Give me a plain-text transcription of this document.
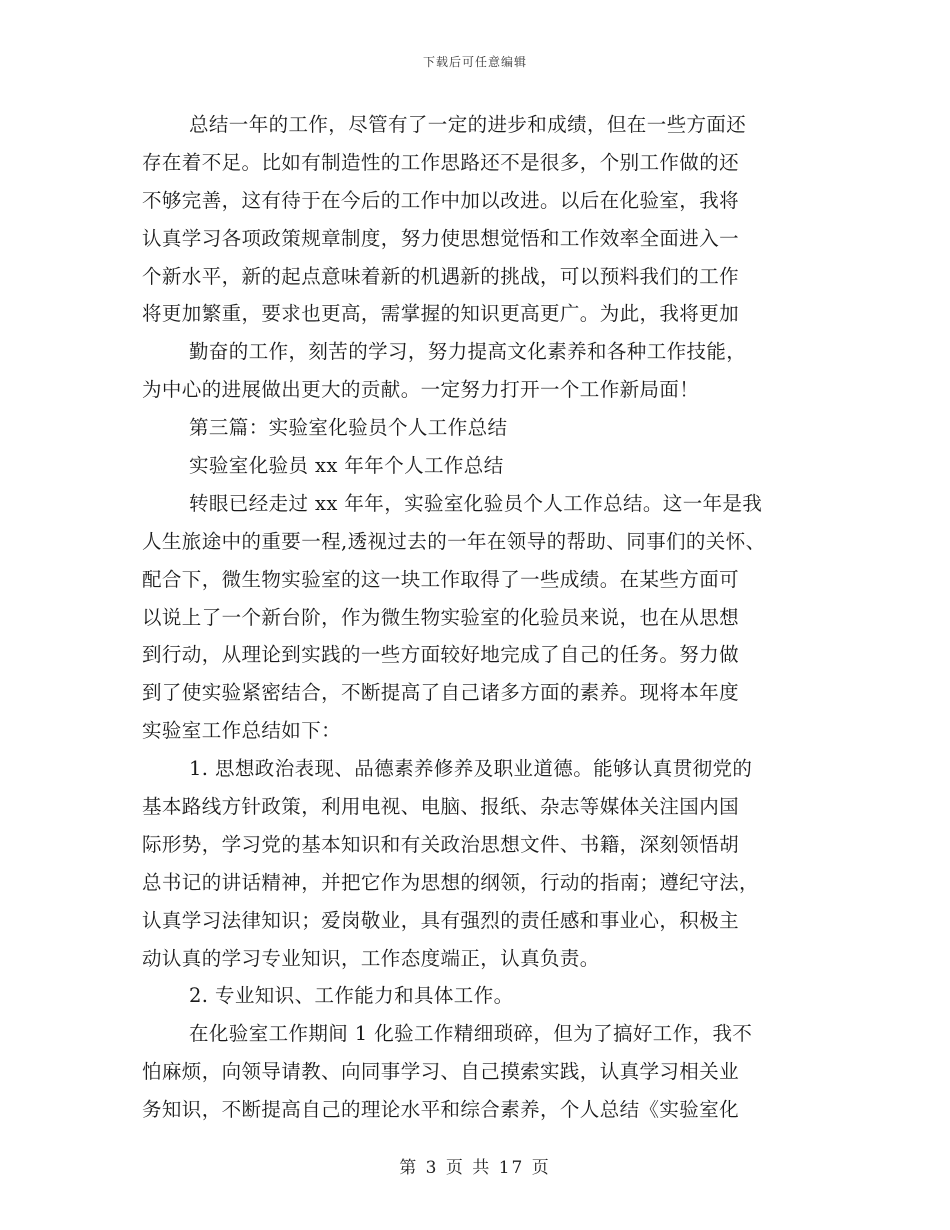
下载后可任意编辑
总结一年的工作，尽管有了一定的进步和成绩，但在一些方面还
存在着不足。比如有制造性的工作思路还不是很多，个别工作做的还
不够完善，这有待于在今后的工作中加以改进。以后在化验室，我将
认真学习各项政策规章制度，努力使思想觉悟和工作效率全面进入一
个新水平，新的起点意味着新的机遇新的挑战，可以预料我们的工作
将更加繁重，要求也更高，需掌握的知识更高更广。为此，我将更加
勤奋的工作，刻苦的学习，努力提高文化素养和各种工作技能，
为中心的进展做出更大的贡献。一定努力打开一个工作新局面！
第三篇：实验室化验员个人工作总结
实验室化验员 xx 年年个人工作总结
转眼已经走过 xx 年年，实验室化验员个人工作总结。这一年是我
人生旅途中的重要一程,透视过去的一年在领导的帮助、同事们的关怀、
配合下，微生物实验室的这一块工作取得了一些成绩。在某些方面可
以说上了一个新台阶，作为微生物实验室的化验员来说，也在从思想
到行动，从理论到实践的一些方面较好地完成了自己的任务。努力做
到了使实验紧密结合，不断提高了自己诸多方面的素养。现将本年度
实验室工作总结如下：
1. 思想政治表现、品德素养修养及职业道德。能够认真贯彻党的
基本路线方针政策，利用电视、电脑、报纸、杂志等媒体关注国内国
际形势，学习党的基本知识和有关政治思想文件、书籍，深刻领悟胡
总书记的讲话精神，并把它作为思想的纲领，行动的指南；遵纪守法，
认真学习法律知识；爱岗敬业，具有强烈的责任感和事业心，积极主
动认真的学习专业知识，工作态度端正，认真负责。
2. 专业知识、工作能力和具体工作。
在化验室工作期间 1 化验工作精细琐碎，但为了搞好工作，我不
怕麻烦，向领导请教、向同事学习、自己摸索实践，认真学习相关业
务知识，不断提高自己的理论水平和综合素养，个人总结《实验室化
第 3 页 共 17 页
